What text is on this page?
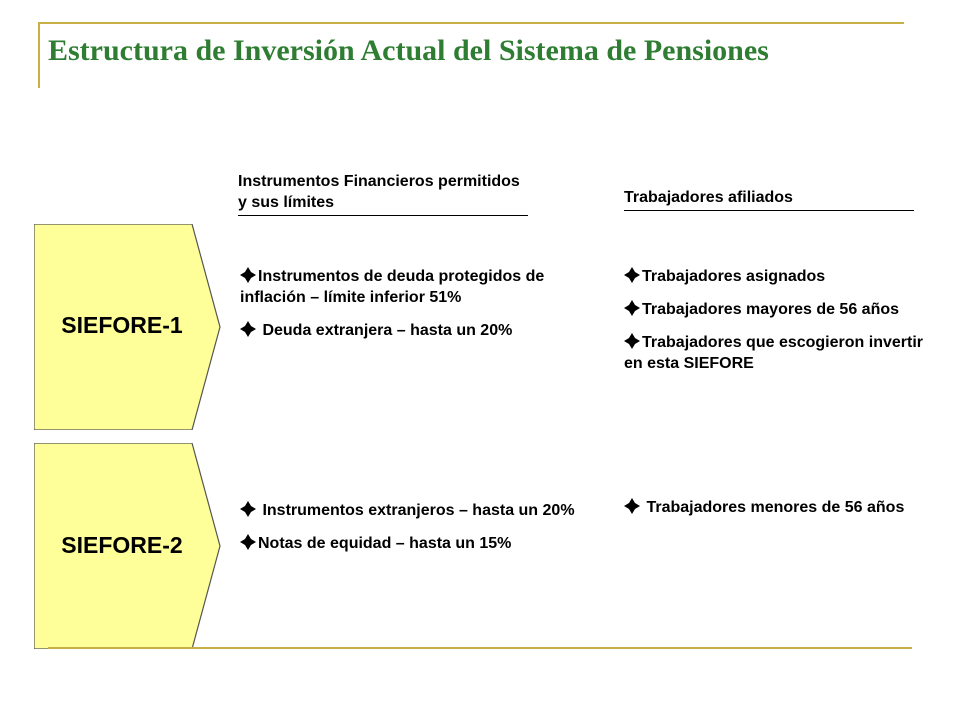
Estructura de Inversión Actual del Sistema de Pensiones
Instrumentos Financieros permitidos y sus límites	Trabajadores afiliados
SIEFORE-1
SIEFORE-2
Instrumentos de deuda protegidos de inflación – límite inferior 51%
Deuda extranjera – hasta un 20%
Trabajadores asignados
Trabajadores mayores de 56 años
Trabajadores que escogieron invertir en esta SIEFORE
Instrumentos extranjeros – hasta un 20%
Notas de equidad – hasta un 15%
Trabajadores menores de 56 años
